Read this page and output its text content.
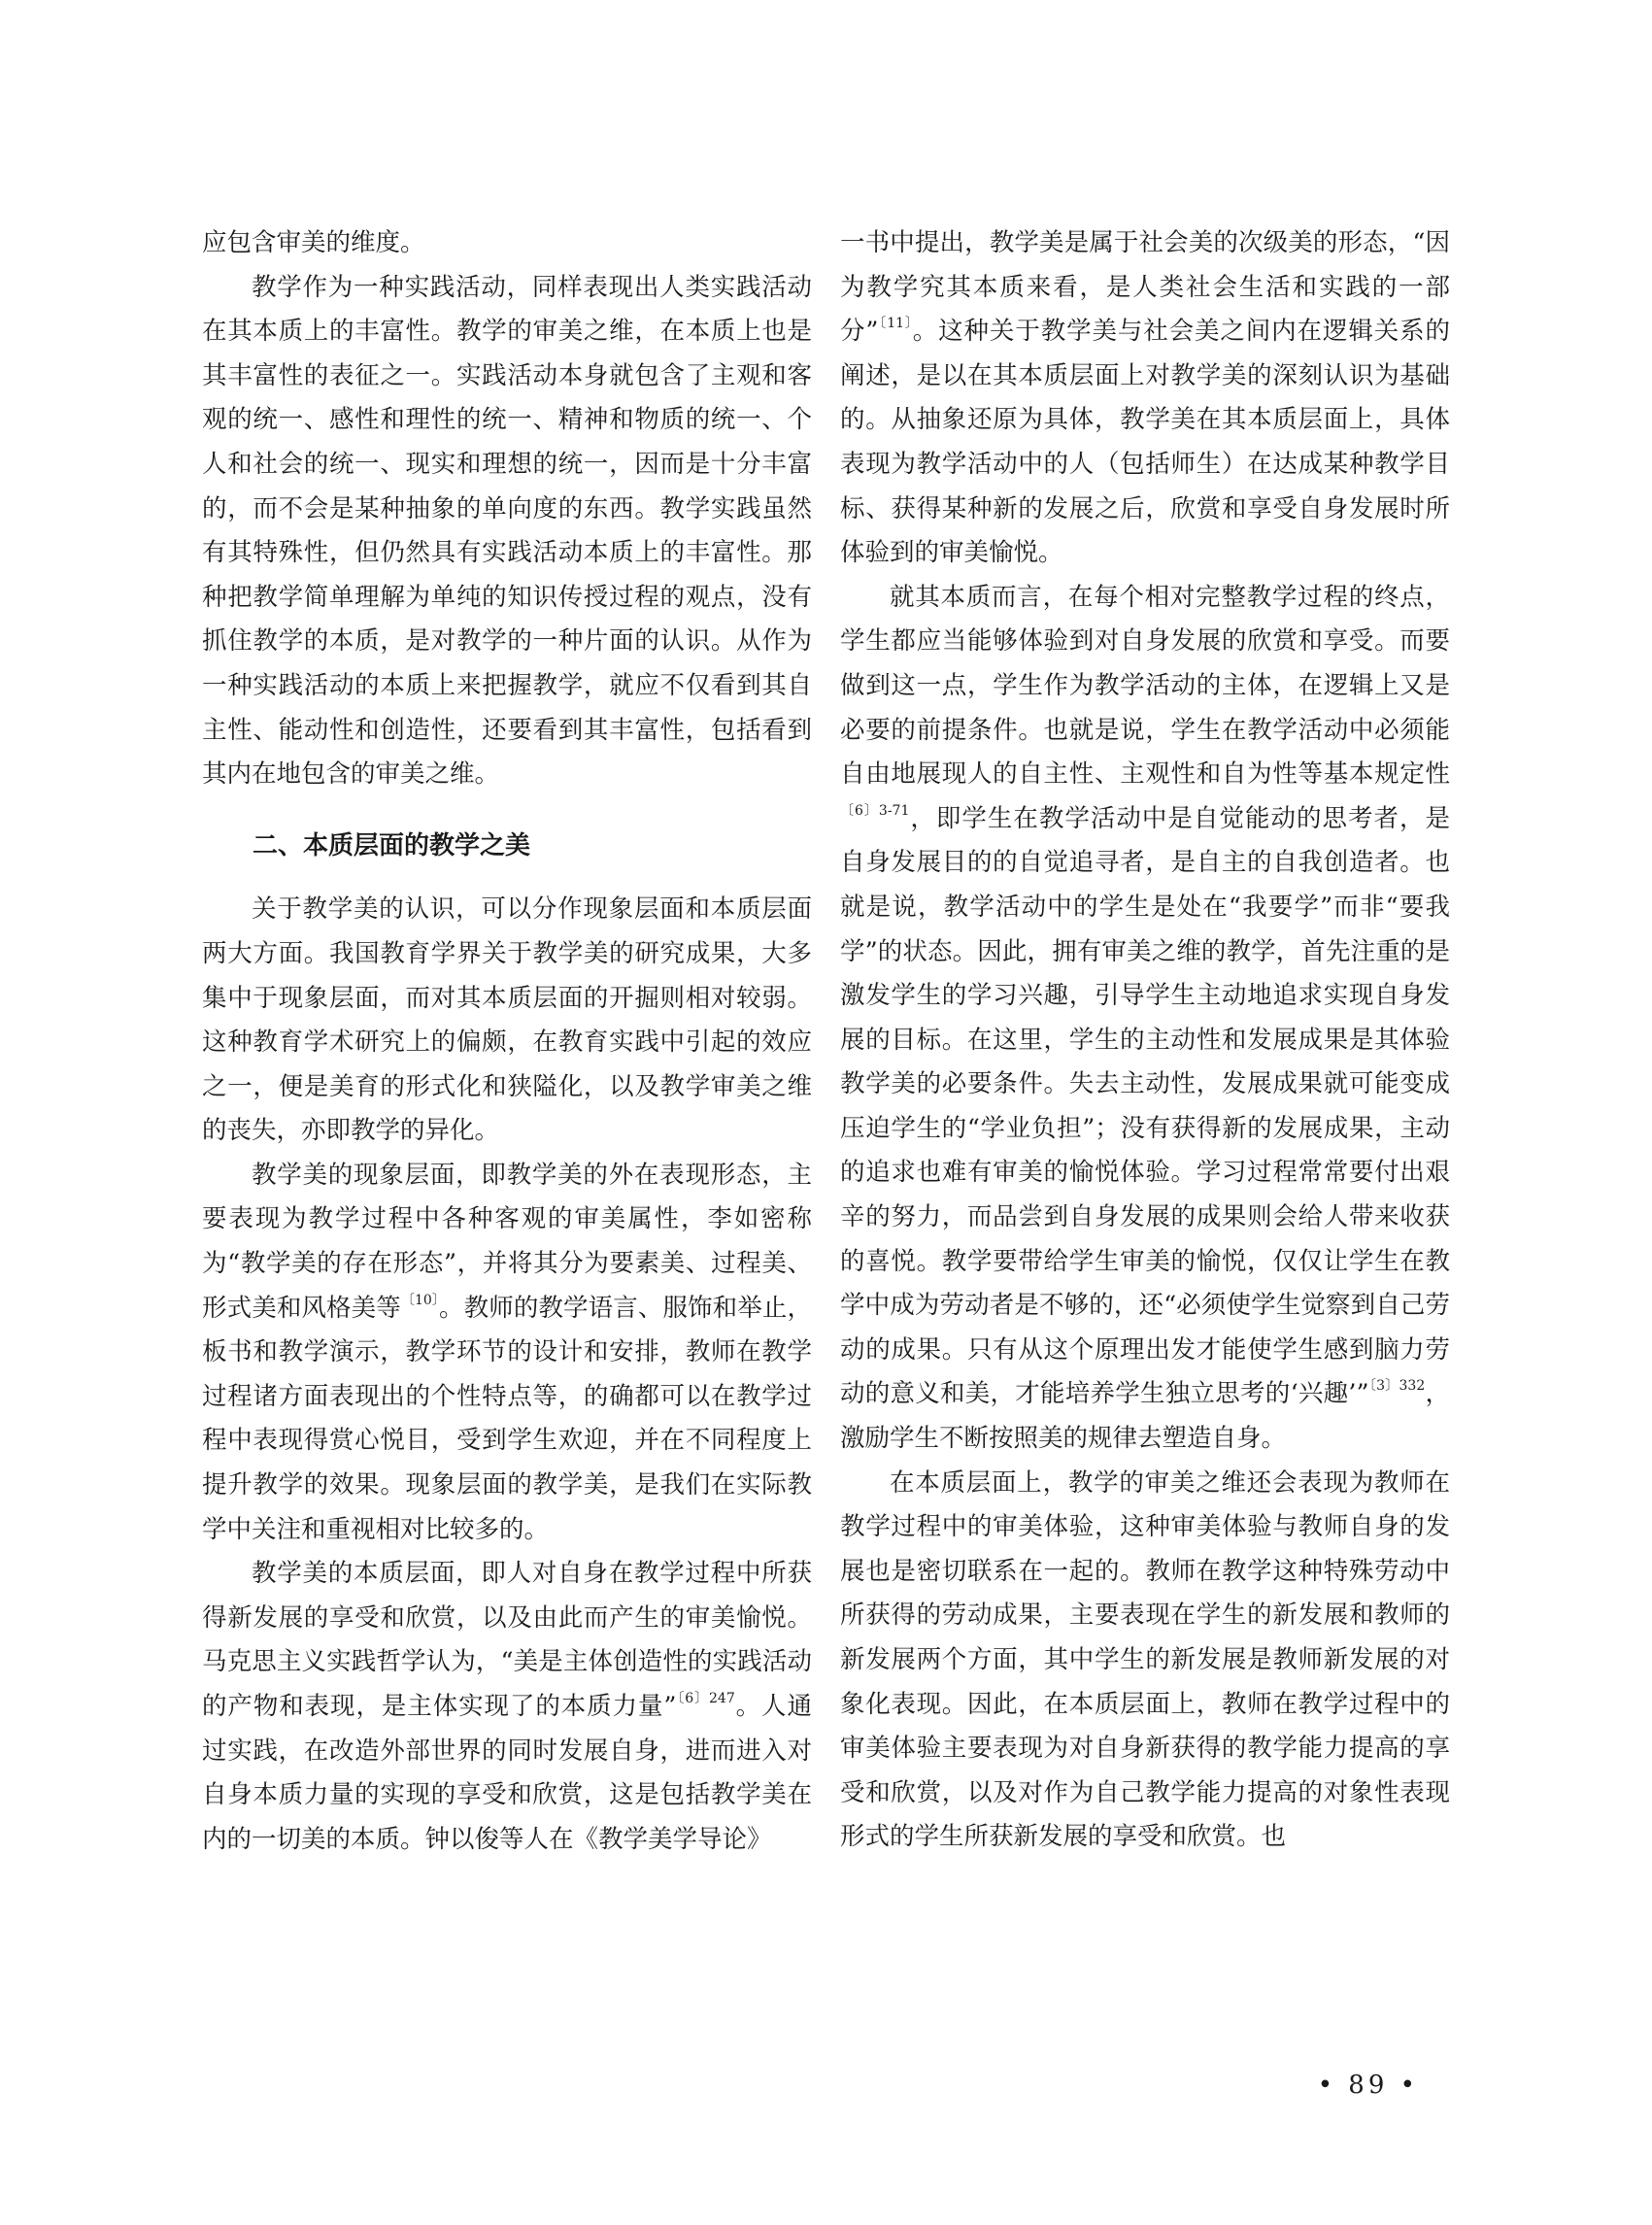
应包含审美的维度。

教学作为一种实践活动，同样表现出人类实践活动在其本质上的丰富性。教学的审美之维，在本质上也是其丰富性的表征之一。实践活动本身就包含了主观和客观的统一、感性和理性的统一、精神和物质的统一、个人和社会的统一、现实和理想的统一，因而是十分丰富的，而不会是某种抽象的单向度的东西。教学实践虽然有其特殊性，但仍然具有实践活动本质上的丰富性。那种把教学简单理解为单纯的知识传授过程的观点，没有抓住教学的本质，是对教学的一种片面的认识。从作为一种实践活动的本质上来把握教学，就应不仅看到其自主性、能动性和创造性，还要看到其丰富性，包括看到其内在地包含的审美之维。

二、本质层面的教学之美

关于教学美的认识，可以分作现象层面和本质层面两大方面。我国教育学界关于教学美的研究成果，大多集中于现象层面，而对其本质层面的开掘则相对较弱。这种教育学术研究上的偏颇，在教育实践中引起的效应之一，便是美育的形式化和狭隘化，以及教学审美之维的丧失，亦即教学的异化。

教学美的现象层面，即教学美的外在表现形态，主要表现为教学过程中各种客观的审美属性，李如密称为“教学美的存在形态”，并将其分为要素美、过程美、形式美和风格美等$^{〔10〕}$。教师的教学语言、服饰和举止，板书和教学演示，教学环节的设计和安排，教师在教学过程诸方面表现出的个性特点等，的确都可以在教学过程中表现得赏心悦目，受到学生欢迎，并在不同程度上提升教学的效果。现象层面的教学美，是我们在实际教学中关注和重视相对比较多的。

教学美的本质层面，即人对自身在教学过程中所获得新发展的享受和欣赏，以及由此而产生的审美愉悦。马克思主义实践哲学认为，“美是主体创造性的实践活动的产物和表现，是主体实现了的本质力量”$^{〔6〕247}$。人通过实践，在改造外部世界的同时发展自身，进而进入对自身本质力量的实现的享受和欣赏，这是包括教学美在内的一切美的本质。钟以俊等人在《教学美学导论》

一书中提出，教学美是属于社会美的次级美的形态，“因为教学究其本质来看，是人类社会生活和实践的一部分”$^{〔11〕}$。这种关于教学美与社会美之间内在逻辑关系的阐述，是以在其本质层面上对教学美的深刻认识为基础的。从抽象还原为具体，教学美在其本质层面上，具体表现为教学活动中的人（包括师生）在达成某种教学目标、获得某种新的发展之后，欣赏和享受自身发展时所体验到的审美愉悦。

就其本质而言，在每个相对完整教学过程的终点，学生都应当能够体验到对自身发展的欣赏和享受。而要做到这一点，学生作为教学活动的主体，在逻辑上又是必要的前提条件。也就是说，学生在教学活动中必须能自由地展现人的自主性、主观性和自为性等基本规定性$^{〔6〕3-71}$，即学生在教学活动中是自觉能动的思考者，是自身发展目的的自觉追寻者，是自主的自我创造者。也就是说，教学活动中的学生是处在“我要学”而非“要我学”的状态。因此，拥有审美之维的教学，首先注重的是激发学生的学习兴趣，引导学生主动地追求实现自身发展的目标。在这里，学生的主动性和发展成果是其体验教学美的必要条件。失去主动性，发展成果就可能变成压迫学生的“学业负担”；没有获得新的发展成果，主动的追求也难有审美的愉悦体验。学习过程常常要付出艰辛的努力，而品尝到自身发展的成果则会给人带来收获的喜悦。教学要带给学生审美的愉悦，仅仅让学生在教学中成为劳动者是不够的，还“必须使学生觉察到自己劳动的成果。只有从这个原理出发才能使学生感到脑力劳动的意义和美，才能培养学生独立思考的‘兴趣’”$^{〔3〕332}$，激励学生不断按照美的规律去塑造自身。

在本质层面上，教学的审美之维还会表现为教师在教学过程中的审美体验，这种审美体验与教师自身的发展也是密切联系在一起的。教师在教学这种特殊劳动中所获得的劳动成果，主要表现在学生的新发展和教师的新发展两个方面，其中学生的新发展是教师新发展的对象化表现。因此，在本质层面上，教师在教学过程中的审美体验主要表现为对自身新获得的教学能力提高的享受和欣赏，以及对作为自己教学能力提高的对象性表现形式的学生所获新发展的享受和欣赏。也

• 89 •
